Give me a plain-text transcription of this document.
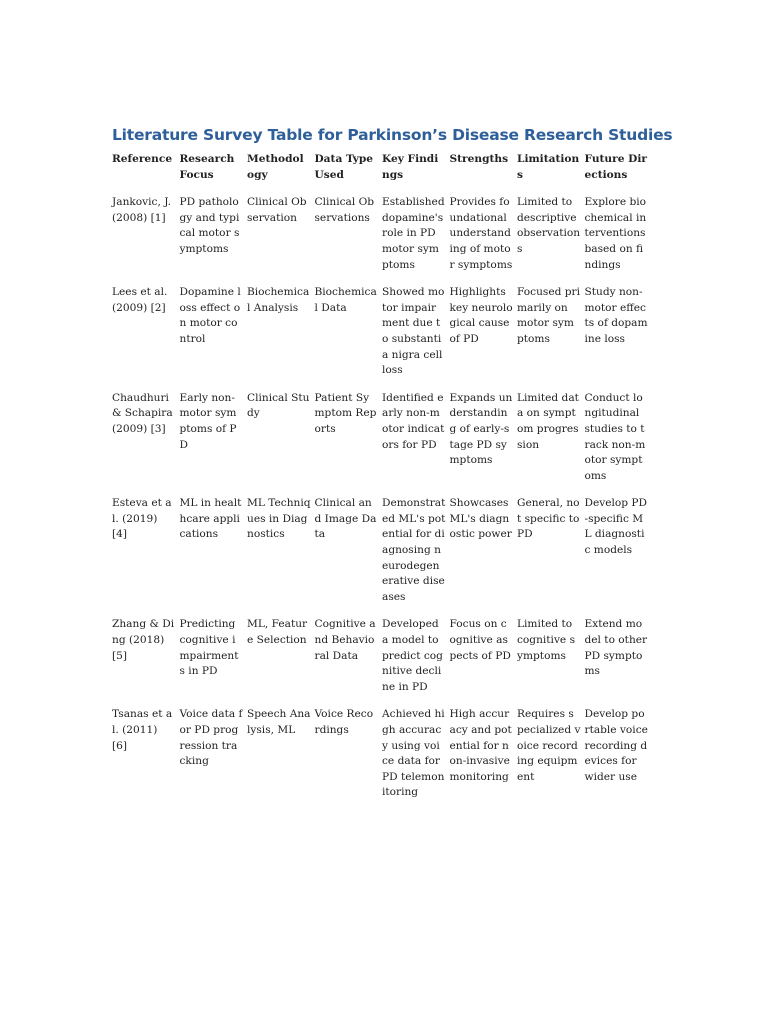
Literature Survey Table for Parkinson’s Disease Research Studies
Reference	Research Focus	Methodology	Data Type Used	Key Findings	Strengths	Limitations	Future Directions
Jankovic, J. (2008) [1]	PD pathology and typical motor symptoms	Clinical Observation	Clinical Observations	Established dopamine's role in PD motor symptoms	Provides foundational understanding of motor symptoms	Limited to descriptive observations	Explore biochemical interventions based on findings
Lees et al. (2009) [2]	Dopamine loss effect on motor control	Biochemical Analysis	Biochemical Data	Showed motor impairment due to substantia nigra cell loss	Highlights key neurological cause of PD	Focused primarily on motor symptoms	Study non-motor effects of dopamine loss
Chaudhuri & Schapira (2009) [3]	Early non-motor symptoms of PD	Clinical Study	Patient Symptom Reports	Identified early non-motor indicators for PD	Expands understanding of early-stage PD symptoms	Limited data on symptom progression	Conduct longitudinal studies to track non-motor symptoms
Esteva et al. (2019) [4]	ML in healthcare applications	ML Techniques in Diagnostics	Clinical and Image Data	Demonstrated ML's potential for diagnosing neurodegenerative diseases	Showcases ML's diagnostic power	General, not specific to PD	Develop PD-specific ML diagnostic models
Zhang & Ding (2018) [5]	Predicting cognitive impairments in PD	ML, Feature Selection	Cognitive and Behavioral Data	Developed a model to predict cognitive decline in PD	Focus on cognitive aspects of PD	Limited to cognitive symptoms	Extend model to other PD symptoms
Tsanas et al. (2011) [6]	Voice data for PD progression tracking	Speech Analysis, ML	Voice Recordings	Achieved high accuracy using voice data for PD telemonitoring	High accuracy and potential for non-invasive monitoring	Requires specialized voice recording equipment	Develop portable voice recording devices for wider use
